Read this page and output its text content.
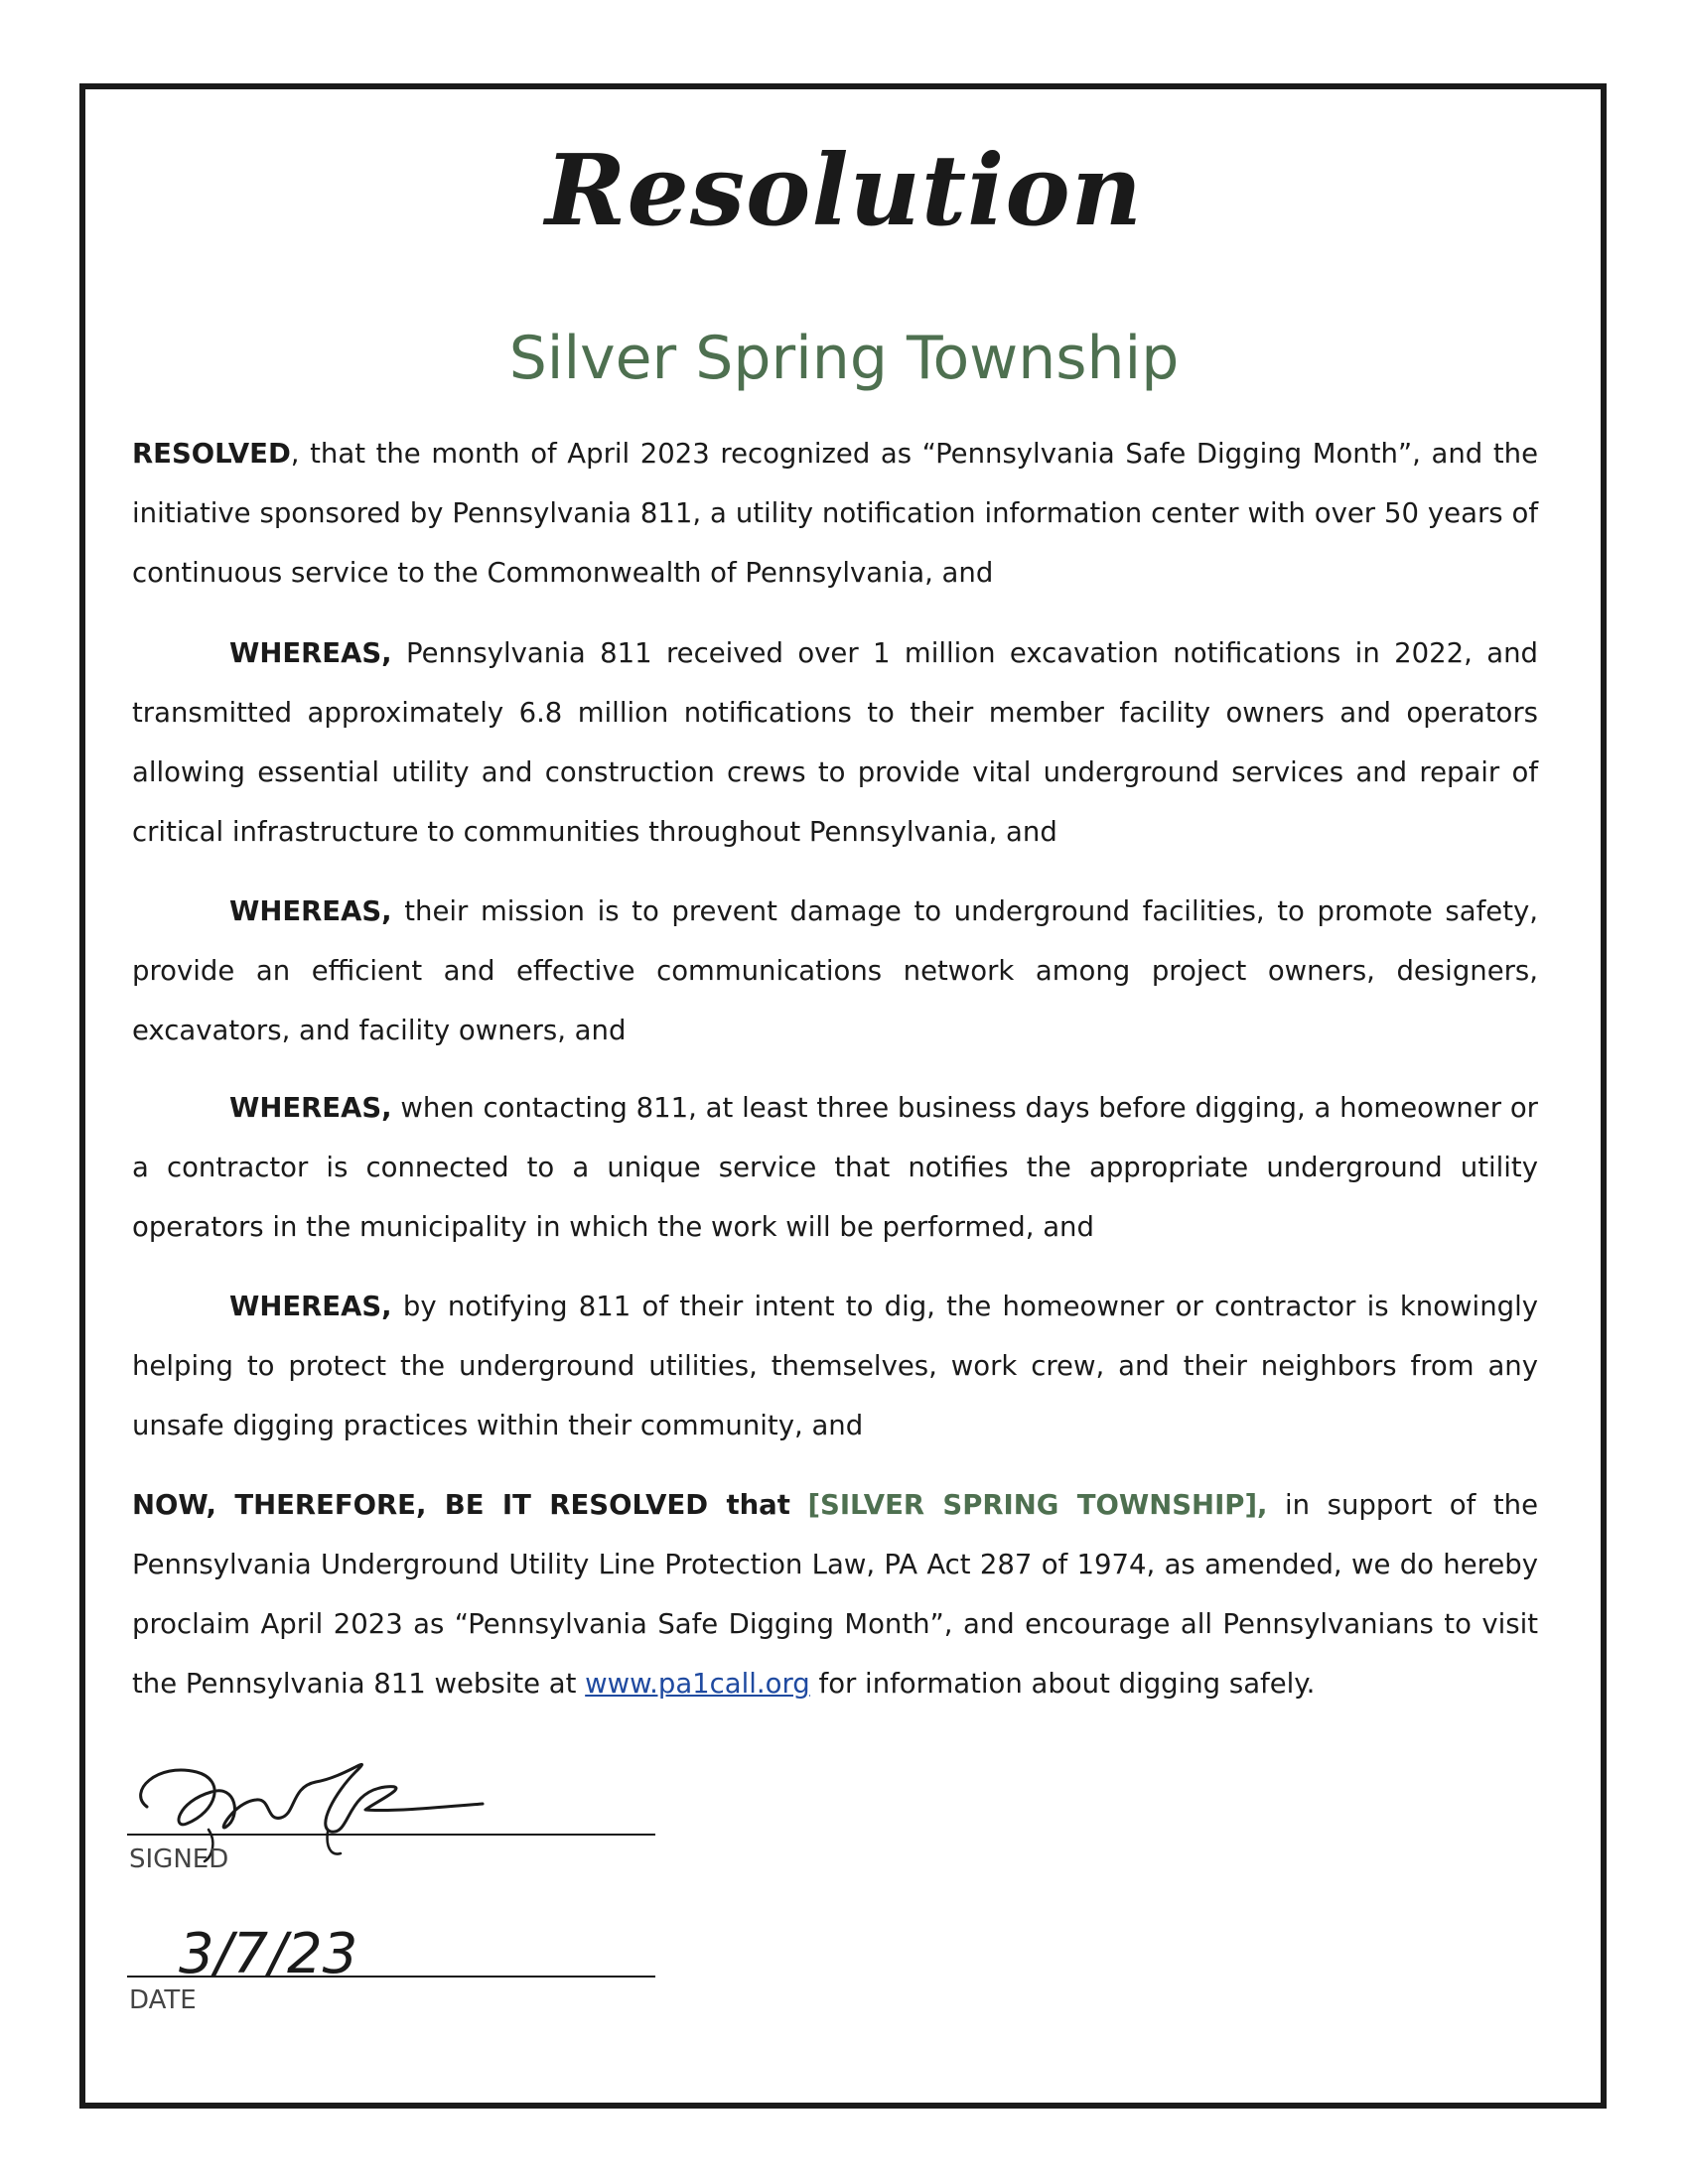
Resolution
Silver Spring Township

RESOLVED, that the month of April 2023 recognized as “Pennsylvania Safe Digging Month”, and the initiative sponsored by Pennsylvania 811, a utility notification information center with over 50 years of continuous service to the Commonwealth of Pennsylvania, and

WHEREAS, Pennsylvania 811 received over 1 million excavation notifications in 2022, and transmitted approximately 6.8 million notifications to their member facility owners and operators allowing essential utility and construction crews to provide vital underground services and repair of critical infrastructure to communities throughout Pennsylvania, and

WHEREAS, their mission is to prevent damage to underground facilities, to promote safety, provide an efficient and effective communications network among project owners, designers, excavators, and facility owners, and

WHEREAS, when contacting 811, at least three business days before digging, a homeowner or a contractor is connected to a unique service that notifies the appropriate underground utility operators in the municipality in which the work will be performed, and

WHEREAS, by notifying 811 of their intent to dig, the homeowner or contractor is knowingly helping to protect the underground utilities, themselves, work crew, and their neighbors from any unsafe digging practices within their community, and

NOW, THEREFORE, BE IT RESOLVED that [SILVER SPRING TOWNSHIP], in support of the Pennsylvania Underground Utility Line Protection Law, PA Act 287 of 1974, as amended, we do hereby proclaim April 2023 as “Pennsylvania Safe Digging Month”, and encourage all Pennsylvanians to visit the Pennsylvania 811 website at www.pa1call.org for information about digging safely.

SIGNED
3/7/23
DATE
